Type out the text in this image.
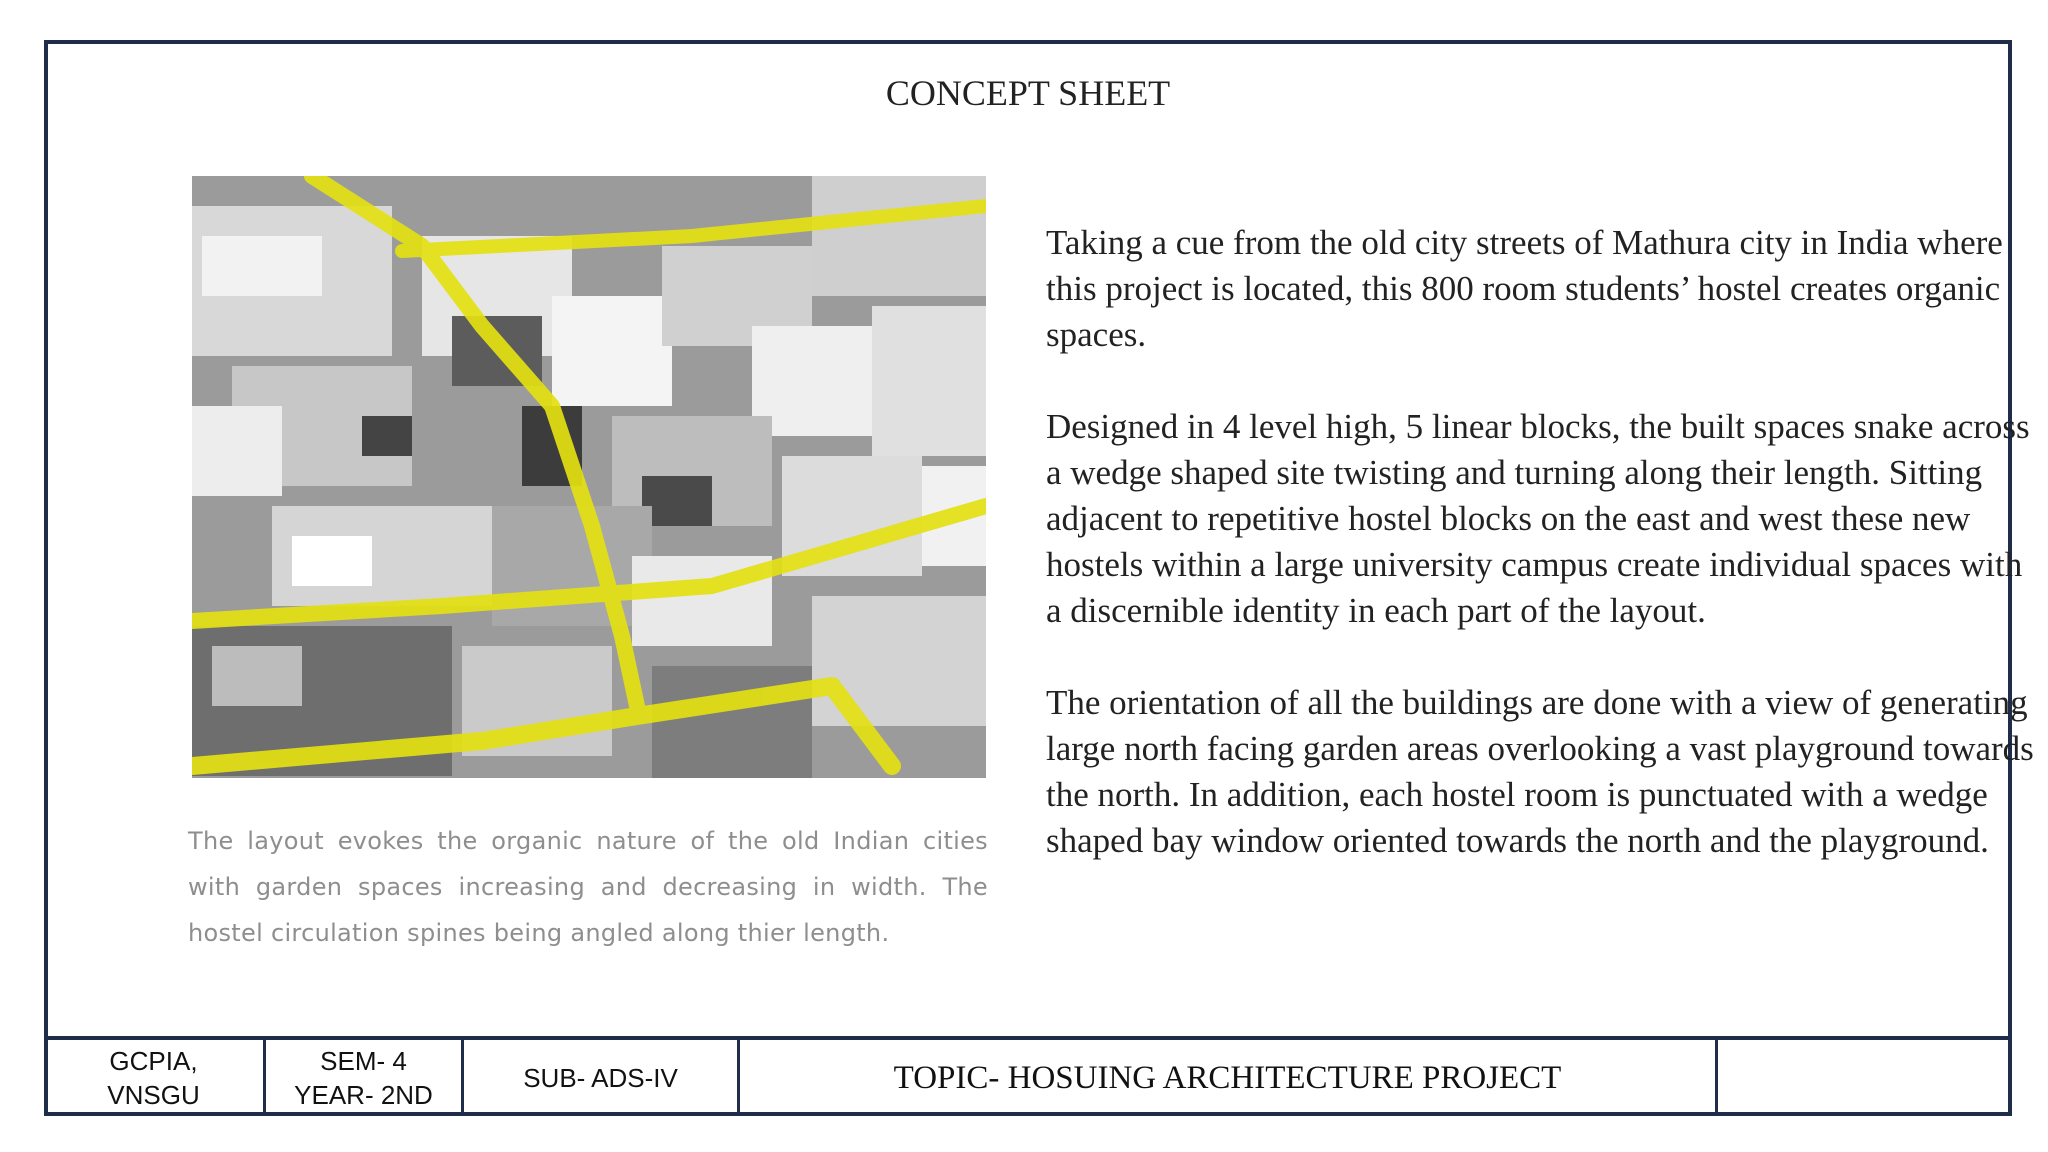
CONCEPT SHEET
The layout evokes the organic nature of the old Indian cities with garden spaces increasing and decreasing in width. The hostel circulation spines being angled along thier length.

Taking a cue from the old city streets of Mathura city in India where this project is located, this 800 room students’ hostel creates organic spaces.

Designed in 4 level high, 5 linear blocks, the built spaces snake across a wedge shaped site twisting and turning along their length. Sitting adjacent to repetitive hostel blocks on the east and west these new hostels within a large university campus create individual spaces with a discernible identity in each part of the layout.

The orientation of all the buildings are done with a view of generating large north facing garden areas overlooking a vast playground towards the north. In addition, each hostel room is punctuated with a wedge shaped bay window oriented towards the north and the playground.

GCPIA,
VNSGU
SEM- 4
YEAR- 2ND
SUB- ADS-IV	TOPIC- HOSUING ARCHITECTURE PROJECT
